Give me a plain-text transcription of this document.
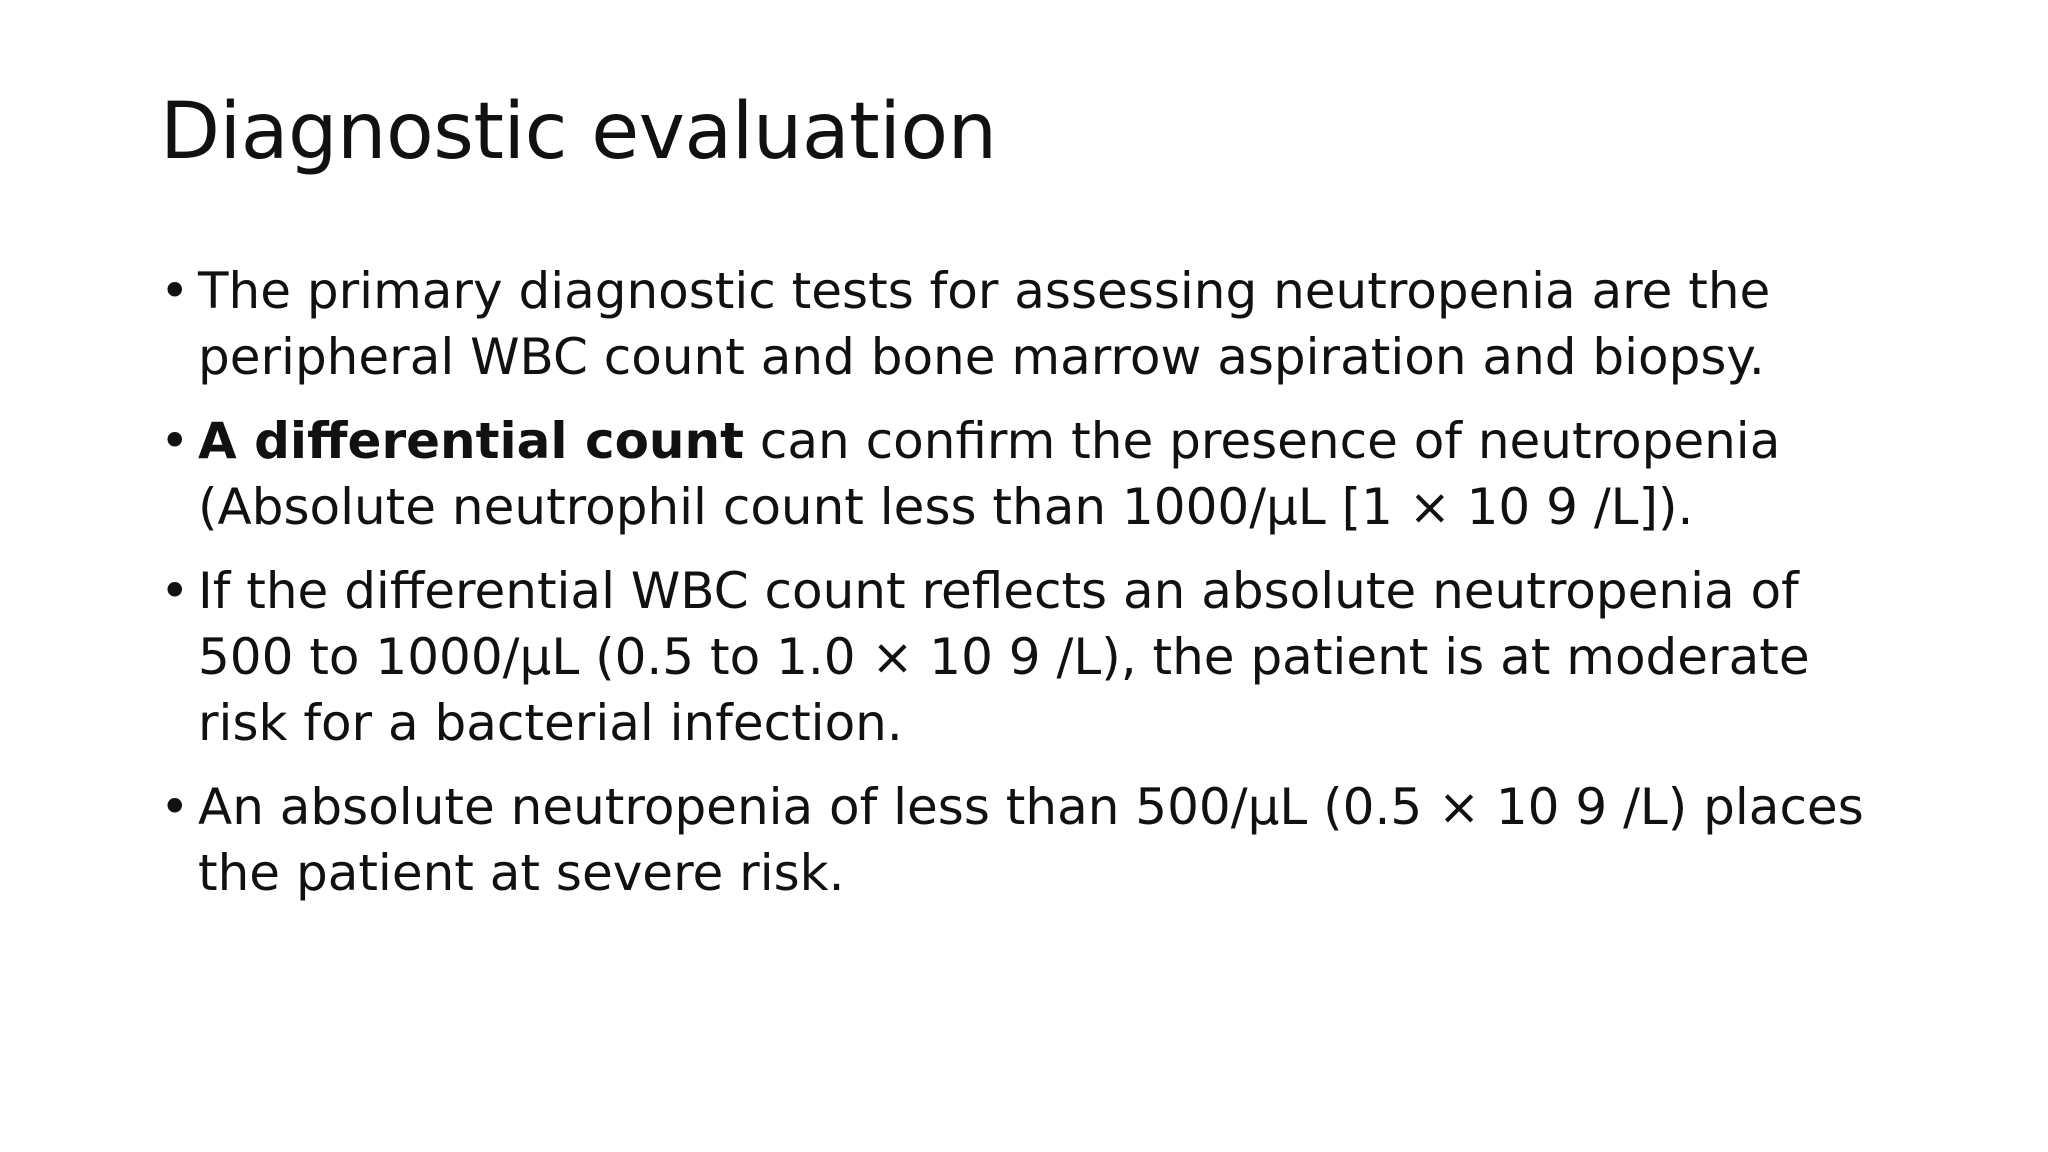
Diagnostic evaluation
• The primary diagnostic tests for assessing neutropenia are the peripheral WBC count and bone marrow aspiration and biopsy.
• A differential count can confirm the presence of neutropenia (Absolute neutrophil count less than 1000/µL [1 × 10 9 /L]).
• If the differential WBC count reflects an absolute neutropenia of 500 to 1000/µL (0.5 to 1.0 × 10 9 /L), the patient is at moderate risk for a bacterial infection.
• An absolute neutropenia of less than 500/µL (0.5 × 10 9 /L) places the patient at severe risk.
